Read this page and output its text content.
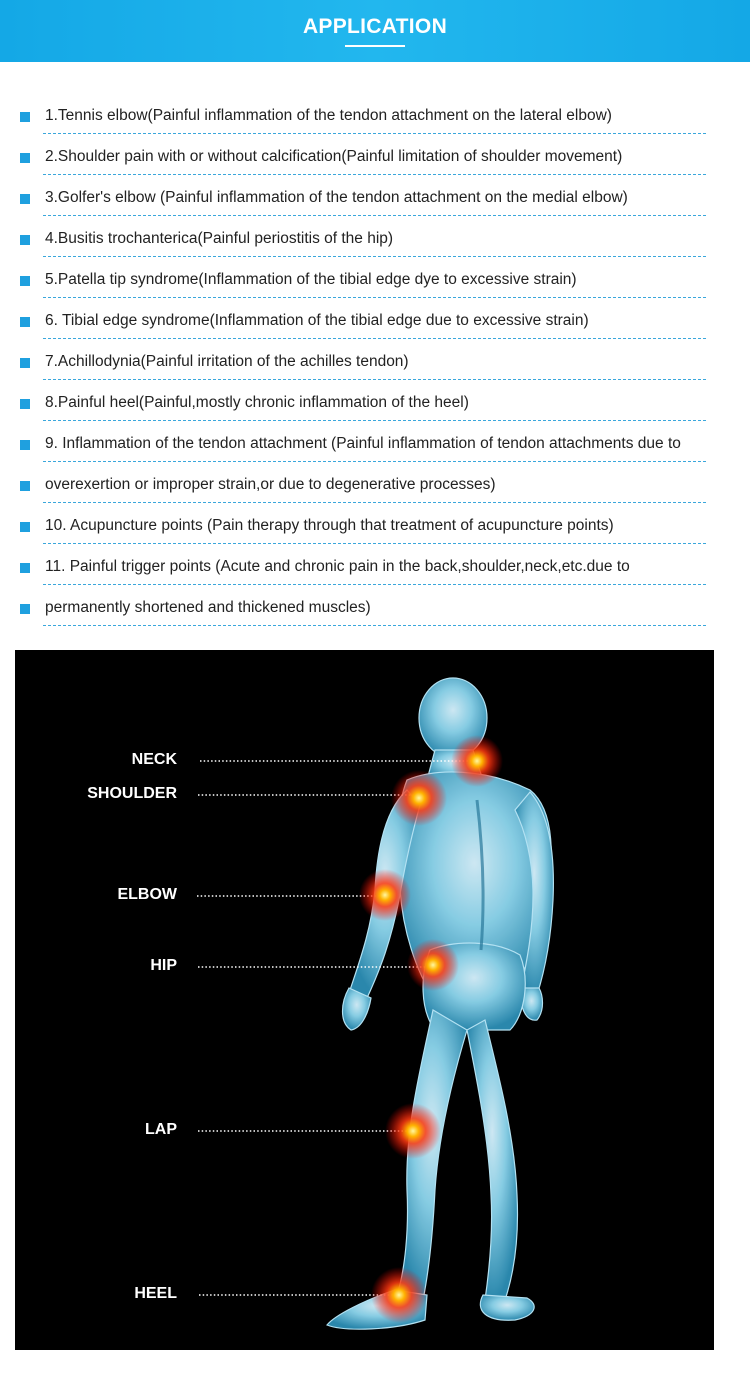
APPLICATION
1.Tennis elbow(Painful inflammation of the tendon attachment on the lateral elbow)
2.Shoulder pain with or without calcification(Painful limitation of shoulder movement)
3.Golfer's elbow (Painful inflammation of the tendon attachment on the medial elbow)
4.Busitis trochanterica(Painful periostitis of the hip)
5.Patella tip syndrome(Inflammation of the tibial edge dye to excessive strain)
6. Tibial edge syndrome(Inflammation of the tibial edge due to excessive strain)
7.Achillodynia(Painful irritation of the achilles tendon)
8.Painful heel(Painful,mostly chronic inflammation of the heel)
9. Inflammation of the tendon attachment (Painful inflammation of tendon attachments due to
overexertion or improper strain,or due to degenerative processes)
10. Acupuncture points (Pain therapy through that treatment of acupuncture points)
11. Painful trigger points (Acute and chronic pain in the back,shoulder,neck,etc.due to
permanently shortened and thickened muscles)
NECK
SHOULDER
ELBOW
HIP
LAP
HEEL
